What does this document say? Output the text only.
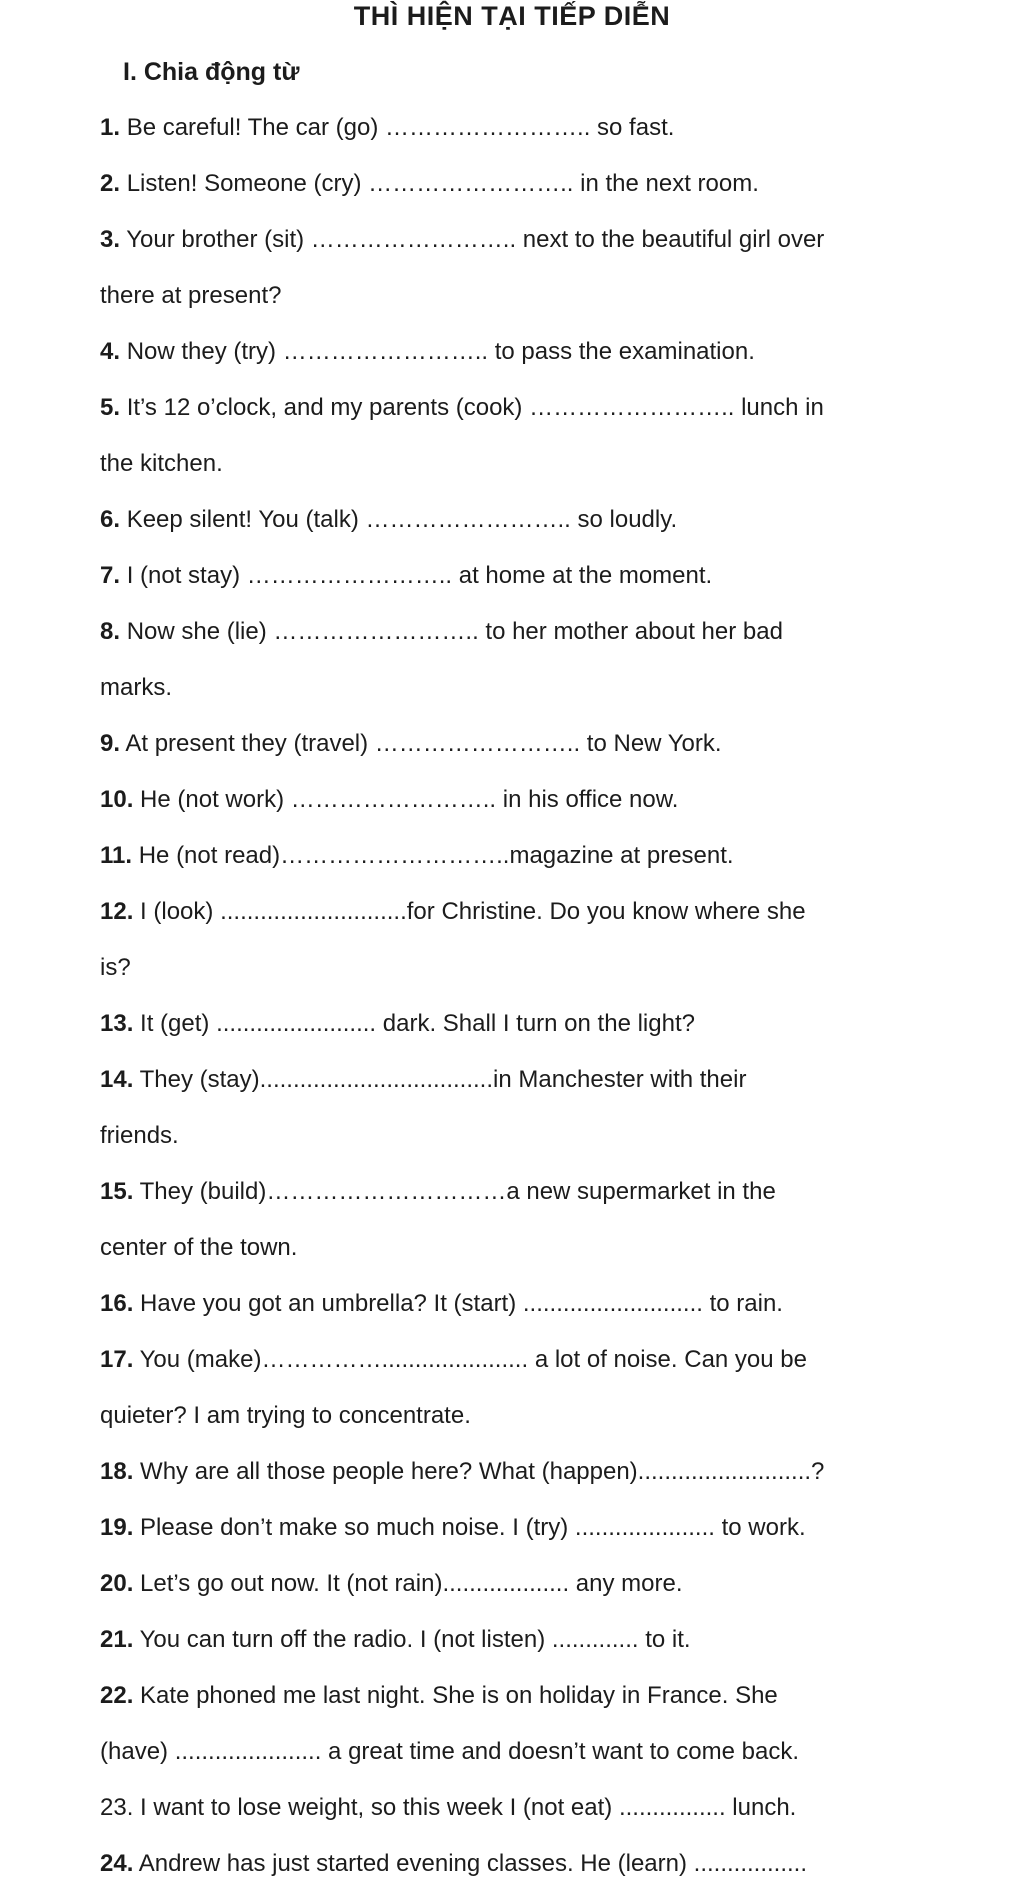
THÌ HIỆN TẠI TIẾP DIỄN
I. Chia động từ
1. Be careful! The car (go) …………………….. so fast.
2. Listen! Someone (cry) …………………….. in the next room.
3. Your brother (sit) …………………….. next to the beautiful girl over
there at present?
4. Now they (try) …………………….. to pass the examination.
5. It’s 12 o’clock, and my parents (cook) …………………….. lunch in
the kitchen.
6. Keep silent! You (talk) …………………….. so loudly.
7. I (not stay) …………………….. at home at the moment.
8. Now she (lie) …………………….. to her mother about her bad
marks.
9. At present they (travel) …………………….. to New York.
10. He (not work) …………………….. in his office now.
11. He (not read)………………………..magazine at present.
12. I (look) ............................for Christine. Do you know where she
is?
13. It (get) ........................ dark. Shall I turn on the light?
14. They (stay)...................................in Manchester with their
friends.
15. They (build)…………………………a new supermarket in the
center of the town.
16. Have you got an umbrella? It (start) ........................... to rain.
17. You (make)……………...................... a lot of noise. Can you be
quieter? I am trying to concentrate.
18. Why are all those people here? What (happen)..........................?
19. Please don’t make so much noise. I (try) ..................... to work.
20. Let’s go out now. It (not rain)................... any more.
21. You can turn off the radio. I (not listen) ............. to it.
22. Kate phoned me last night. She is on holiday in France. She
(have) ...................... a great time and doesn’t want to come back.
23. I want to lose weight, so this week I (not eat) ................ lunch.
24. Andrew has just started evening classes. He (learn) .................
